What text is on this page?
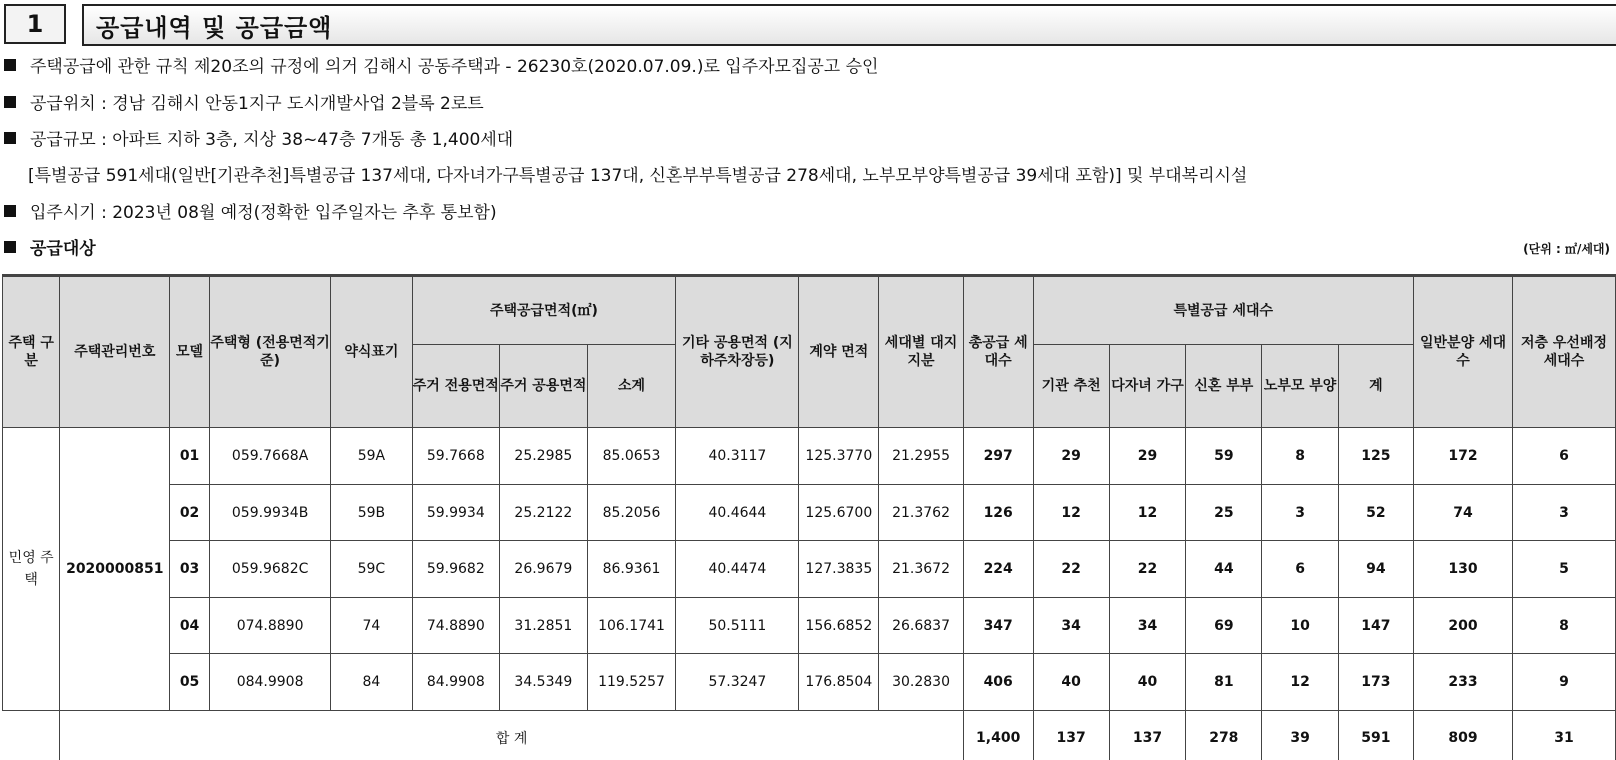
1	공급내역 및 공급금액
주택공급에 관한 규칙 제20조의 규정에 의거 김해시 공동주택과 - 26230호(2020.07.09.)로 입주자모집공고 승인
공급위치 : 경남 김해시 안동1지구 도시개발사업 2블록 2로트
공급규모 : 아파트 지하 3층, 지상 38~47층 7개동 총 1,400세대
[특별공급 591세대(일반[기관추천]특별공급 137세대, 다자녀가구특별공급 137대, 신혼부부특별공급 278세대, 노부모부양특별공급 39세대 포함)] 및 부대복리시설
입주시기 : 2023년 08월 예정(정확한 입주일자는 추후 통보함)
공급대상	(단위 : ㎡/세대)
주택 구분	주택관리번호	모델	주택형 (전용면적기준)	약식표기	주택공급면적(㎡)			기타 공용면적 (지하주차장등)	계약 면적	세대별 대지지분	총공급 세대수	특별공급 세대수					일반분양 세대수	저층 우선배정 세대수
					주거 전용면적	주거 공용면적	소계					기관 추천	다자녀 가구	신혼 부부	노부모 부양	계		
민영 주택	2020000851	01	059.7668A	59A	59.7668	25.2985	85.0653	40.3117	125.3770	21.2955	297	29	29	59	8	125	172	6
		02	059.9934B	59B	59.9934	25.2122	85.2056	40.4644	125.6700	21.3762	126	12	12	25	3	52	74	3
		03	059.9682C	59C	59.9682	26.9679	86.9361	40.4474	127.3835	21.3672	224	22	22	44	6	94	130	5
		04	074.8890	74	74.8890	31.2851	106.1741	50.5111	156.6852	26.6837	347	34	34	69	10	147	200	8
		05	084.9908	84	84.9908	34.5349	119.5257	57.3247	176.8504	30.2830	406	40	40	81	12	173	233	9
	합 계										1,400	137	137	278	39	591	809	31
